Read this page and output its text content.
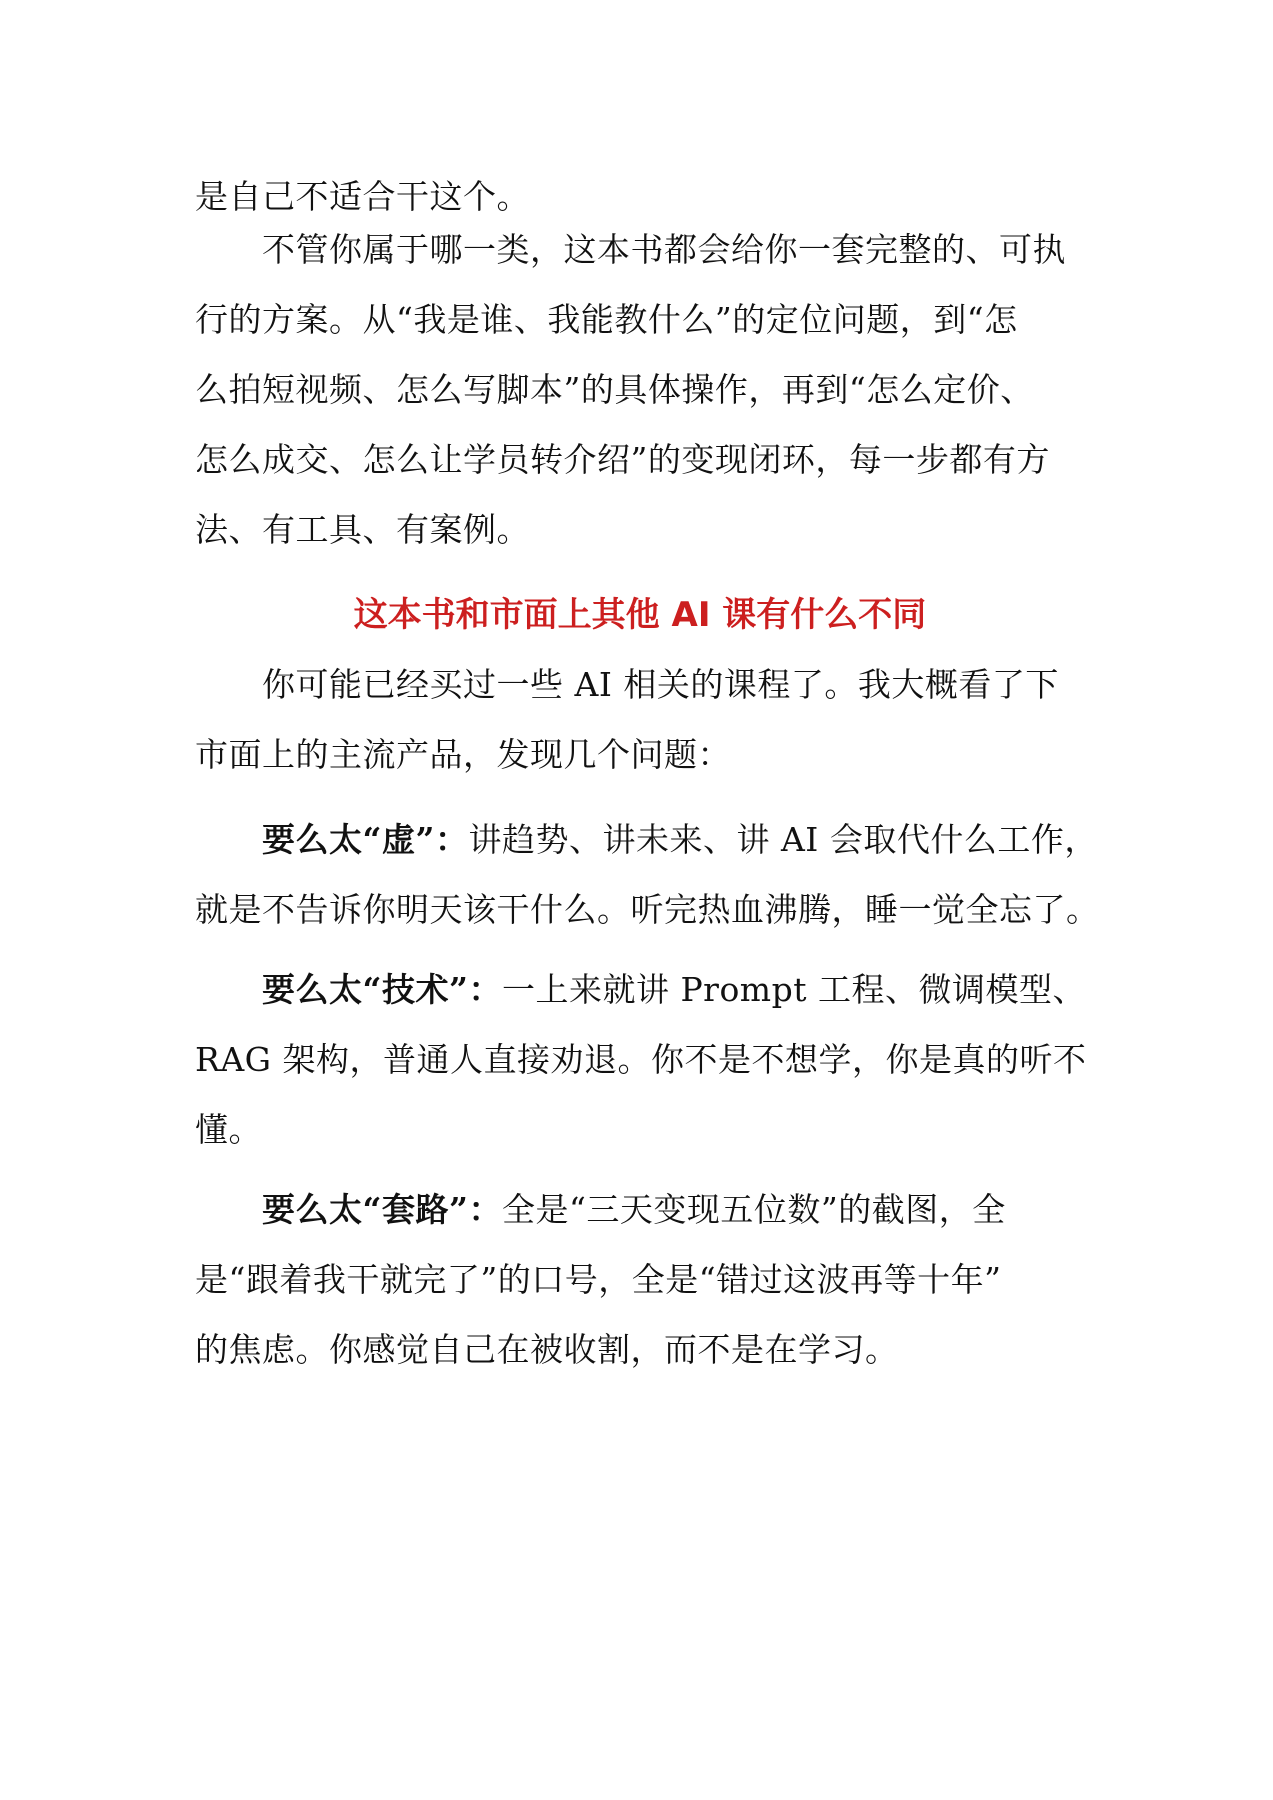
是自己不适合干这个。
不管你属于哪一类，这本书都会给你一套完整的、可执
行的方案。从“我是谁、我能教什么”的定位问题，到“怎
么拍短视频、怎么写脚本”的具体操作，再到“怎么定价、
怎么成交、怎么让学员转介绍”的变现闭环，每一步都有方
法、有工具、有案例。
这本书和市面上其他 AI 课有什么不同
你可能已经买过一些 AI 相关的课程了。我大概看了下
市面上的主流产品，发现几个问题：
要么太“虚”：讲趋势、讲未来、讲 AI 会取代什么工作，
就是不告诉你明天该干什么。听完热血沸腾，睡一觉全忘了。
要么太“技术”：一上来就讲 Prompt 工程、微调模型、
RAG 架构，普通人直接劝退。你不是不想学，你是真的听不
懂。
要么太“套路”：全是“三天变现五位数”的截图，全
是“跟着我干就完了”的口号，全是“错过这波再等十年”
的焦虑。你感觉自己在被收割，而不是在学习。
